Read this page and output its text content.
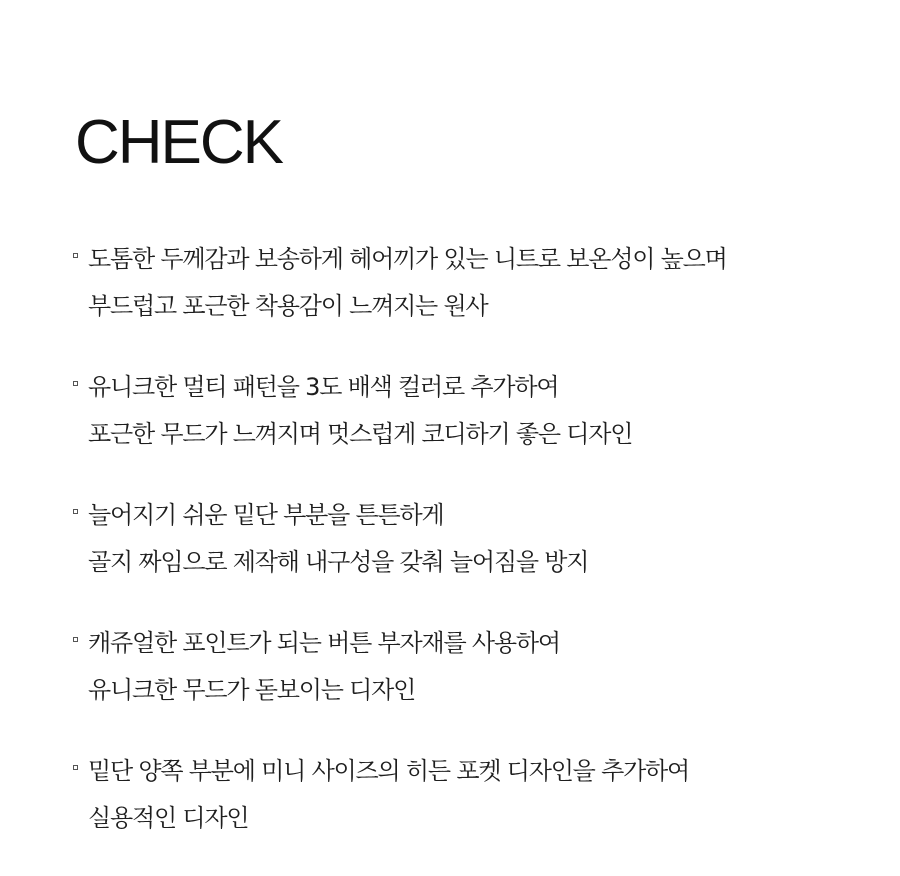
CHECK
도톰한 두께감과 보송하게 헤어끼가 있는 니트로 보온성이 높으며
부드럽고 포근한 착용감이 느껴지는 원사
유니크한 멀티 패턴을 3도 배색 컬러로 추가하여
포근한 무드가 느껴지며 멋스럽게 코디하기 좋은 디자인
늘어지기 쉬운 밑단 부분을 튼튼하게
골지 짜임으로 제작해 내구성을 갖춰 늘어짐을 방지
캐쥬얼한 포인트가 되는 버튼 부자재를 사용하여
유니크한 무드가 돋보이는 디자인
밑단 양쪽 부분에 미니 사이즈의 히든 포켓 디자인을 추가하여
실용적인 디자인
